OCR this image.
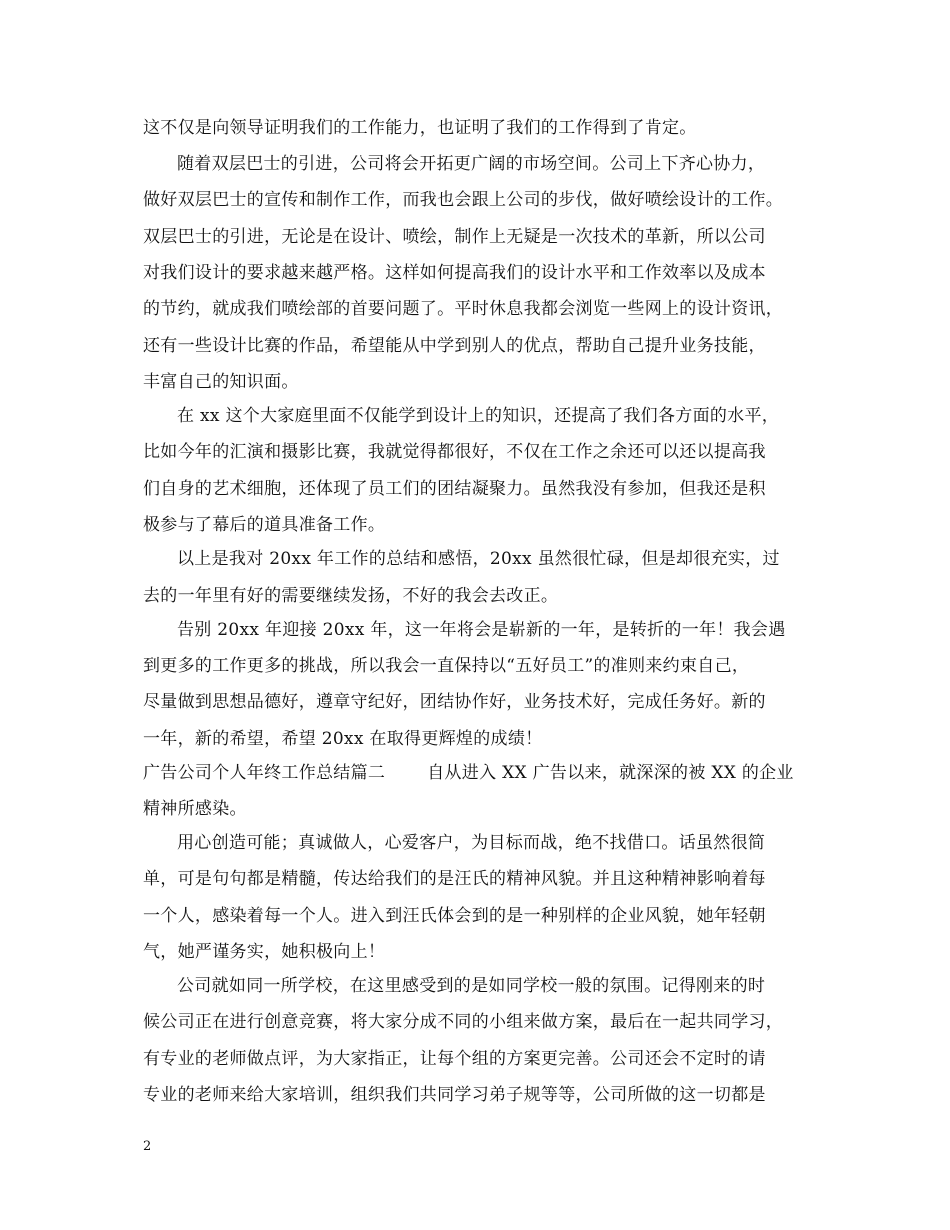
这不仅是向领导证明我们的工作能力，也证明了我们的工作得到了肯定。
随着双层巴士的引进，公司将会开拓更广阔的市场空间。公司上下齐心协力，
做好双层巴士的宣传和制作工作，而我也会跟上公司的步伐，做好喷绘设计的工作。
双层巴士的引进，无论是在设计、喷绘，制作上无疑是一次技术的革新，所以公司
对我们设计的要求越来越严格。这样如何提高我们的设计水平和工作效率以及成本
的节约，就成我们喷绘部的首要问题了。平时休息我都会浏览一些网上的设计资讯，
还有一些设计比赛的作品，希望能从中学到别人的优点，帮助自己提升业务技能，
丰富自己的知识面。
在 xx 这个大家庭里面不仅能学到设计上的知识，还提高了我们各方面的水平，
比如今年的汇演和摄影比赛，我就觉得都很好，不仅在工作之余还可以还以提高我
们自身的艺术细胞，还体现了员工们的团结凝聚力。虽然我没有参加，但我还是积
极参与了幕后的道具准备工作。
以上是我对 20xx 年工作的总结和感悟，20xx 虽然很忙碌，但是却很充实，过
去的一年里有好的需要继续发扬，不好的我会去改正。
告别 20xx 年迎接 20xx 年，这一年将会是崭新的一年，是转折的一年！我会遇
到更多的工作更多的挑战，所以我会一直保持以“五好员工”的准则来约束自己，
尽量做到思想品德好，遵章守纪好，团结协作好，业务技术好，完成任务好。新的
一年，新的希望，希望 20xx 在取得更辉煌的成绩！
广告公司个人年终工作总结篇二 自从进入 XX 广告以来，就深深的被 XX 的企业
精神所感染。
用心创造可能；真诚做人，心爱客户，为目标而战，绝不找借口。话虽然很简
单，可是句句都是精髓，传达给我们的是汪氏的精神风貌。并且这种精神影响着每
一个人，感染着每一个人。进入到汪氏体会到的是一种别样的企业风貌，她年轻朝
气，她严谨务实，她积极向上！
公司就如同一所学校，在这里感受到的是如同学校一般的氛围。记得刚来的时
候公司正在进行创意竞赛，将大家分成不同的小组来做方案，最后在一起共同学习，
有专业的老师做点评，为大家指正，让每个组的方案更完善。公司还会不定时的请
专业的老师来给大家培训，组织我们共同学习弟子规等等，公司所做的这一切都是
2
